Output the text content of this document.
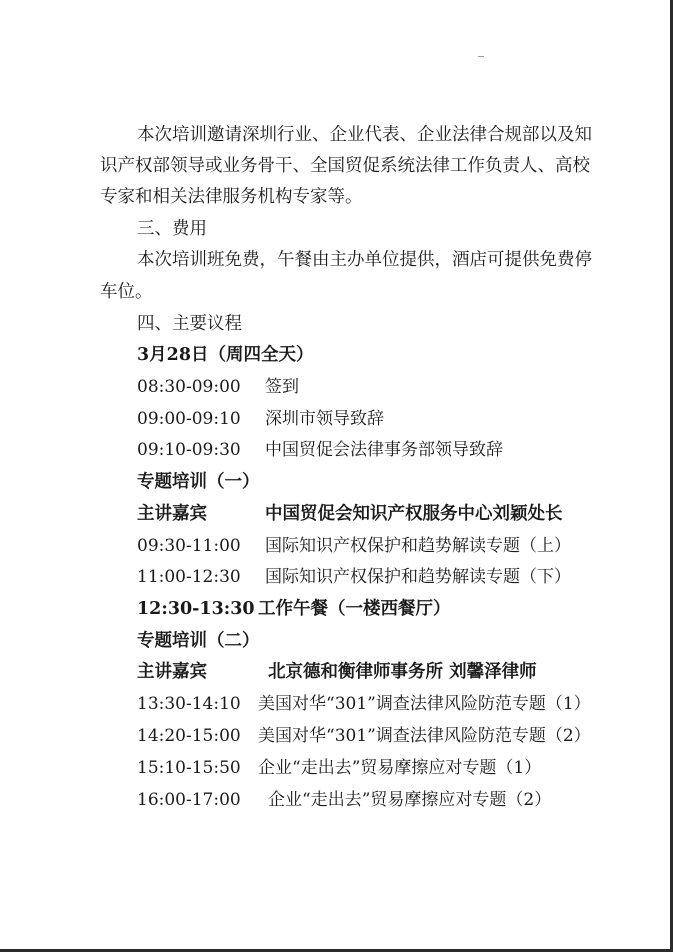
本次培训邀请深圳行业、企业代表、企业法律合规部以及知
识产权部领导或业务骨干、全国贸促系统法律工作负责人、高校
专家和相关法律服务机构专家等。
三、费用
本次培训班免费，午餐由主办单位提供，酒店可提供免费停
车位。
四、主要议程
3月28日（周四全天）
08:30-09:00 签到
09:00-09:10 深圳市领导致辞
09:10-09:30 中国贸促会法律事务部领导致辞
专题培训（一）
主讲嘉宾	中国贸促会知识产权服务中心刘颖处长
09:30-11:00 国际知识产权保护和趋势解读专题（上）
11:00-12:30 国际知识产权保护和趋势解读专题（下）
12:30-13:30 工作午餐（一楼西餐厅）
专题培训（二）
主讲嘉宾	北京德和衡律师事务所 刘馨泽律师
13:30-14:10 美国对华“301”调查法律风险防范专题（1）
14:20-15:00 美国对华“301”调查法律风险防范专题（2）
15:10-15:50 企业“走出去”贸易摩擦应对专题（1）
16:00-17:00 企业“走出去”贸易摩擦应对专题（2）
